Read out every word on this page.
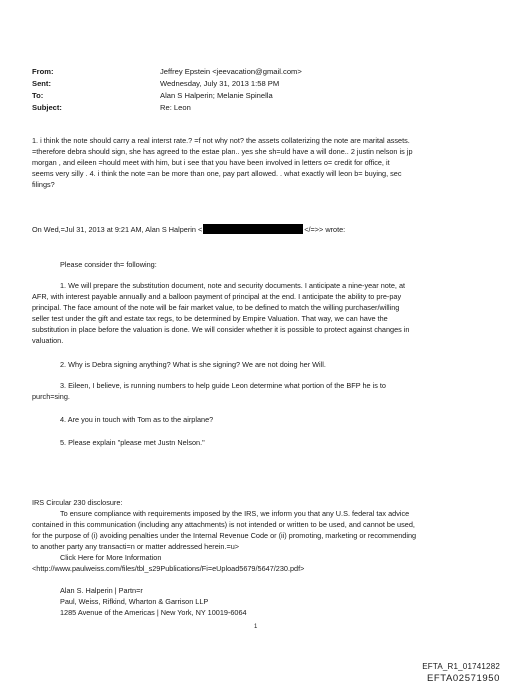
From:	Jeffrey Epstein <jeevacation@gmail.com>
Sent:	Wednesday, July 31, 2013 1:58 PM
To:	Alan S Halperin; Melanie Spinella
Subject:	Re: Leon
1. i think the note should carry a real interst rate.? =f not why not? the assets collaterizing the note are marital assets.
=therefore debra should sign, she has agreed to the estae plan.. yes she sh=uld have a will done.. 2 justin nelson is jp
morgan , and eileen =hould meet with him, but i see that you have been involved in letters o= credit for office, it
seems very silly . 4. i think the note =an be more than one, pay part allowed. . what exactly will leon b= buying, sec
filings?
On Wed,=Jul 31, 2013 at 9:21 AM, Alan S Halperin <	</=>> wrote:
Please consider th= following:
1. We will prepare the substitution document, note and security documents. I anticipate a nine-year note, at
AFR, with interest payable annually and a balloon payment of principal at the end. I anticipate the ability to pre-pay
principal. The face amount of the note will be fair market value, to be defined to match the willing purchaser/willing
seller test under the gift and estate tax regs, to be determined by Empire Valuation. That way, we can have the
substitution in place before the valuation is done. We will consider whether it is possible to protect against changes in
valuation.
2. Why is Debra signing anything? What is she signing? We are not doing her Will.
3. Eileen, I believe, is running numbers to help guide Leon determine what portion of the BFP he is to
purch=sing.
4. Are you in touch with Tom as to the airplane?
5. Please explain "please met Justn Nelson."
IRS Circular 230 disclosure:
To ensure compliance with requirements imposed by the IRS, we inform you that any U.S. federal tax advice
contained in this communication (including any attachments) is not intended or written to be used, and cannot be used,
for the purpose of (i) avoiding penalties under the Internal Revenue Code or (ii) promoting, marketing or recommending
to another party any transacti=n or matter addressed herein.=u>
Click Here for More Information
<http://www.paulweiss.com/files/tbl_s29Publications/Fi=eUpload5679/5647/230.pdf>
Alan S. Halperin | Partn=r
Paul, Weiss, Rifkind, Wharton & Garrison LLP
1285 Avenue of the Americas | New York, NY 10019-6064
1
EFTA_R1_01741282
EFTA02571950
